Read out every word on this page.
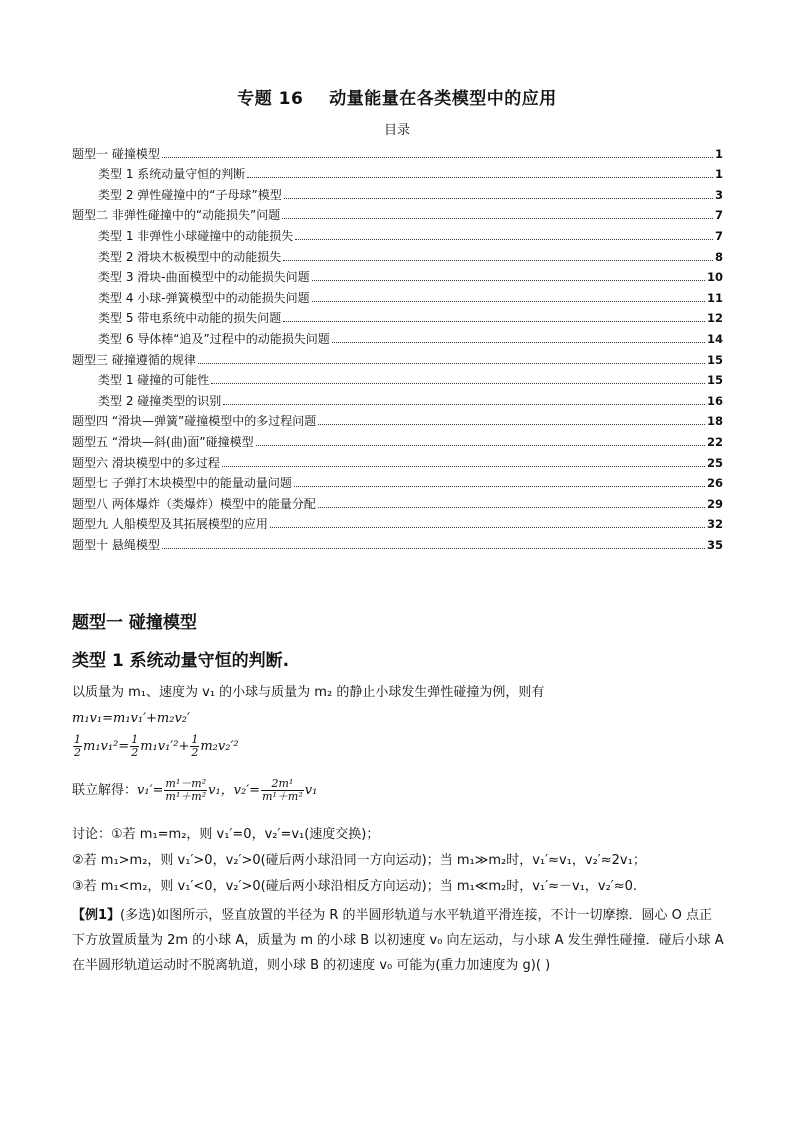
专题 16 动量能量在各类模型中的应用
目录
题型一 碰撞模型	1
类型 1 系统动量守恒的判断	1
类型 2 弹性碰撞中的“子母球”模型	3
题型二 非弹性碰撞中的“动能损失”问题	7
类型 1 非弹性小球碰撞中的动能损失	7
类型 2 滑块木板模型中的动能损失	8
类型 3 滑块-曲面模型中的动能损失问题	10
类型 4 小球-弹簧模型中的动能损失问题	11
类型 5 带电系统中动能的损失问题	12
类型 6 导体棒“追及”过程中的动能损失问题	14
题型三 碰撞遵循的规律	15
类型 1 碰撞的可能性	15
类型 2 碰撞类型的识别	16
题型四 “滑块—弹簧”碰撞模型中的多过程问题	18
题型五 “滑块—斜(曲)面”碰撞模型	22
题型六 滑块模型中的多过程	25
题型七 子弹打木块模型中的能量动量问题	26
题型八 两体爆炸（类爆炸）模型中的能量分配	29
题型九 人船模型及其拓展模型的应用	32
题型十 悬绳模型	35
题型一 碰撞模型
类型 1 系统动量守恒的判断.
以质量为 m₁、速度为 v₁ 的小球与质量为 m₂ 的静止小球发生弹性碰撞为例，则有
m₁v₁=m₁v₁′+m₂v₂′
$\frac{1}{2} m_1v_1^2= \frac{1}{2} m_1v_1'^2+ \frac{1}{2} m_2v_2'^2$
联立解得：$v_1'= \frac{\text{m¹－m²}}{\text{m¹＋m²}} v_1$，$v_2'= \frac{\text{2m¹}}{\text{m¹＋m²}} v_1$
讨论：①若 m₁=m₂，则 v₁′=0，v₂′=v₁(速度交换)；
②若 m₁>m₂，则 v₁′>0，v₂′>0(碰后两小球沿同一方向运动)；当 m₁≫m₂时，v₁′≈v₁，v₂′≈2v₁；
③若 m₁<m₂，则 v₁′<0，v₂′>0(碰后两小球沿相反方向运动)；当 m₁≪m₂时，v₁′≈－v₁，v₂′≈0.
【例1】(多选)如图所示，竖直放置的半径为 R 的半圆形轨道与水平轨道平滑连接，不计一切摩擦．圆心 O 点正下方放置质量为 2m 的小球 A，质量为 m 的小球 B 以初速度 v₀ 向左运动，与小球 A 发生弹性碰撞．碰后小球 A 在半圆形轨道运动时不脱离轨道，则小球 B 的初速度 v₀ 可能为(重力加速度为 g)( )
